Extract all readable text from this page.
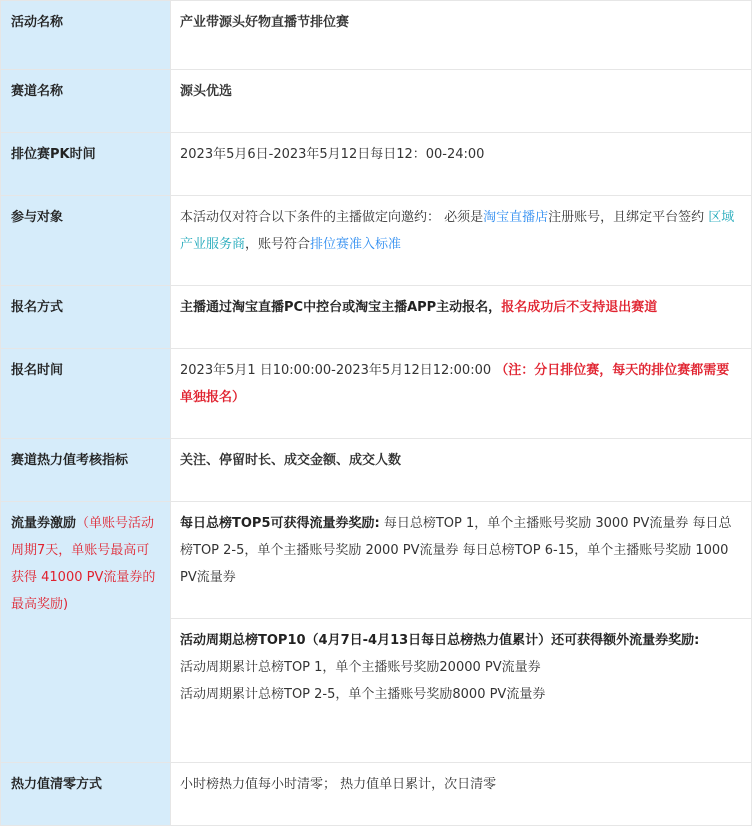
活动名称	产业带源头好物直播节排位赛
赛道名称	源头优选
排位赛PK时间	2023年5月6日-2023年5月12日每日12：00-24:00
参与对象	本活动仅对符合以下条件的主播做定向邀约： 必须是淘宝直播店注册账号，且绑定平台签约 区域产业服务商，账号符合排位赛准入标准
报名方式	主播通过淘宝直播PC中控台或淘宝主播APP主动报名，报名成功后不支持退出赛道
报名时间	2023年5月1 日10:00:00-2023年5月12日12:00:00 （注：分日排位赛，每天的排位赛都需要单独报名）
赛道热力值考核指标	关注、停留时长、成交金额、成交人数
流量券激励（单账号活动周期7天，单账号最高可获得 41000 PV流量券的最高奖励)	每日总榜TOP5可获得流量券奖励: 每日总榜TOP 1，单个主播账号奖励 3000 PV流量券 每日总榜TOP 2-5，单个主播账号奖励 2000 PV流量券 每日总榜TOP 6-15，单个主播账号奖励 1000 PV流量券

	活动周期总榜TOP10（4月7日-4月13日每日总榜热力值累计）还可获得额外流量券奖励:
活动周期累计总榜TOP 1，单个主播账号奖励20000 PV流量券
活动周期累计总榜TOP 2-5，单个主播账号奖励8000 PV流量券

热力值清零方式	小时榜热力值每小时清零； 热力值单日累计，次日清零
